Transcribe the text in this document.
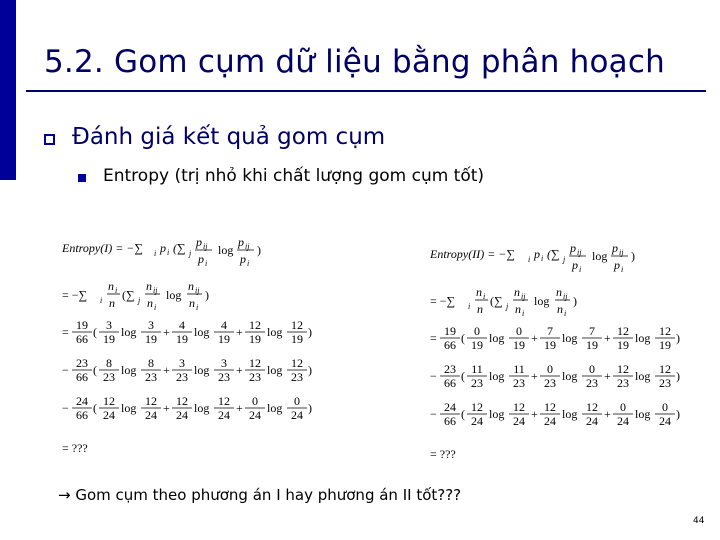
5.2. Gom cụm dữ liệu bằng phân hoạch
Đánh giá kết quả gom cụm
Entropy (trị nhỏ khi chất lượng gom cụm tốt)
Entropy(I) = −∑ i p i (∑ j
p ij
p i
log
p ij
p i
)
= −∑ i
n i
n
(∑ j
n ij
n i
log
n ij
n i
)
= 19
66 ( 3
19 log 3
19 + 4
19 log 4
19 + 12
19 log 12
19 )
− 23
66 ( 8
23 log 8
23 + 3
23 log 3
23 + 12
23 log 12
23 )
− 24
66 ( 12
24 log 12
24 + 12
24 log 12
24 + 0
24 log 0
24 )
= ???
Entropy(II) = −∑ i p i (∑ j
p ij
p i
log
p ij
p i
)
= −∑ i
n i
n
(∑ j
n ij
n i
log
n ij
n i
)
= 19
66 ( 0
19 log 0
19 + 7
19 log 7
19 + 12
19 log 12
19 )
− 23
66 ( 11
23 log 11
23 + 0
23 log 0
23 + 12
23 log 12
23 )
− 24
66 ( 12
24 log 12
24 + 12
24 log 12
24 + 0
24 log 0
24 )
= ???
→ Gom cụm theo phương án I hay phương án II tốt???
44
